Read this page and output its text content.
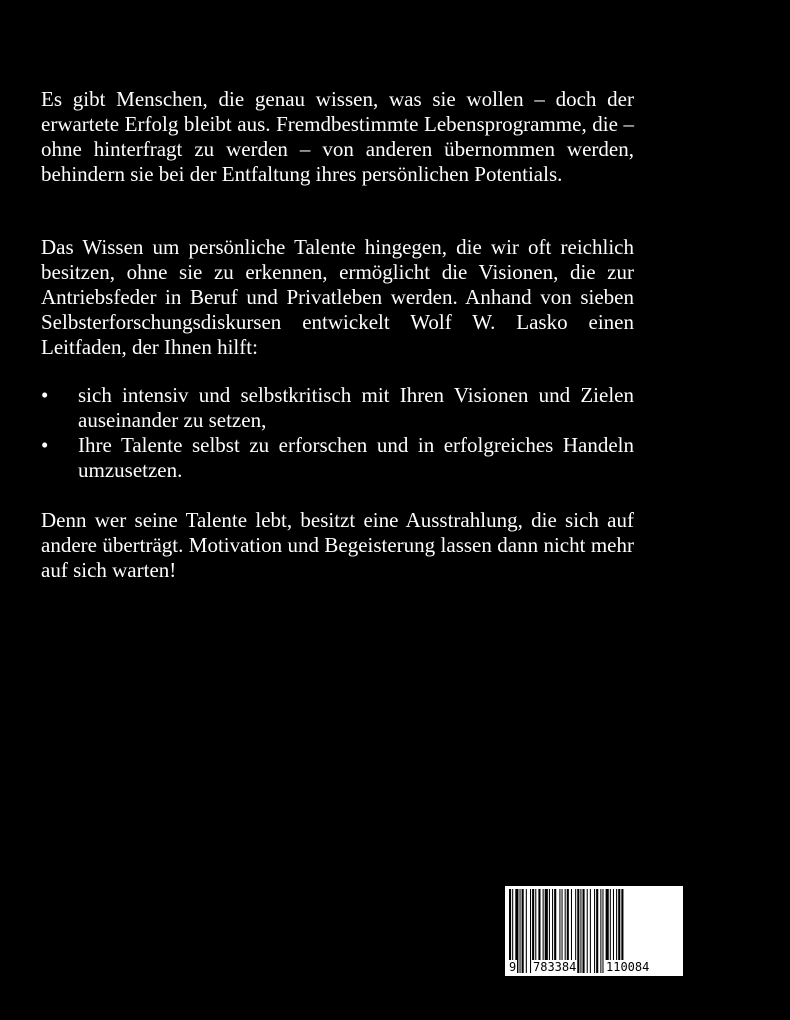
Es gibt Menschen, die genau wissen, was sie wollen – doch der erwartete Erfolg bleibt aus. Fremdbestimmte Lebensprogramme, die – ohne hinterfragt zu werden – von anderen übernommen werden, behindern sie bei der Entfaltung ihres persönlichen Potentials.

Das Wissen um persönliche Talente hingegen, die wir oft reichlich besitzen, ohne sie zu erkennen, ermöglicht die Visionen, die zur Antriebsfeder in Beruf und Privatleben werden. Anhand von sieben Selbsterforschungsdiskursen entwickelt Wolf W. Lasko einen Leitfaden, der Ihnen hilft:

• sich intensiv und selbstkritisch mit Ihren Visionen und Zielen auseinander zu setzen,
• Ihre Talente selbst zu erforschen und in erfolgreiches Handeln umzusetzen.

Denn wer seine Talente lebt, besitzt eine Ausstrahlung, die sich auf andere überträgt. Motivation und Begeisterung lassen dann nicht mehr auf sich warten!

9 783384 110084
